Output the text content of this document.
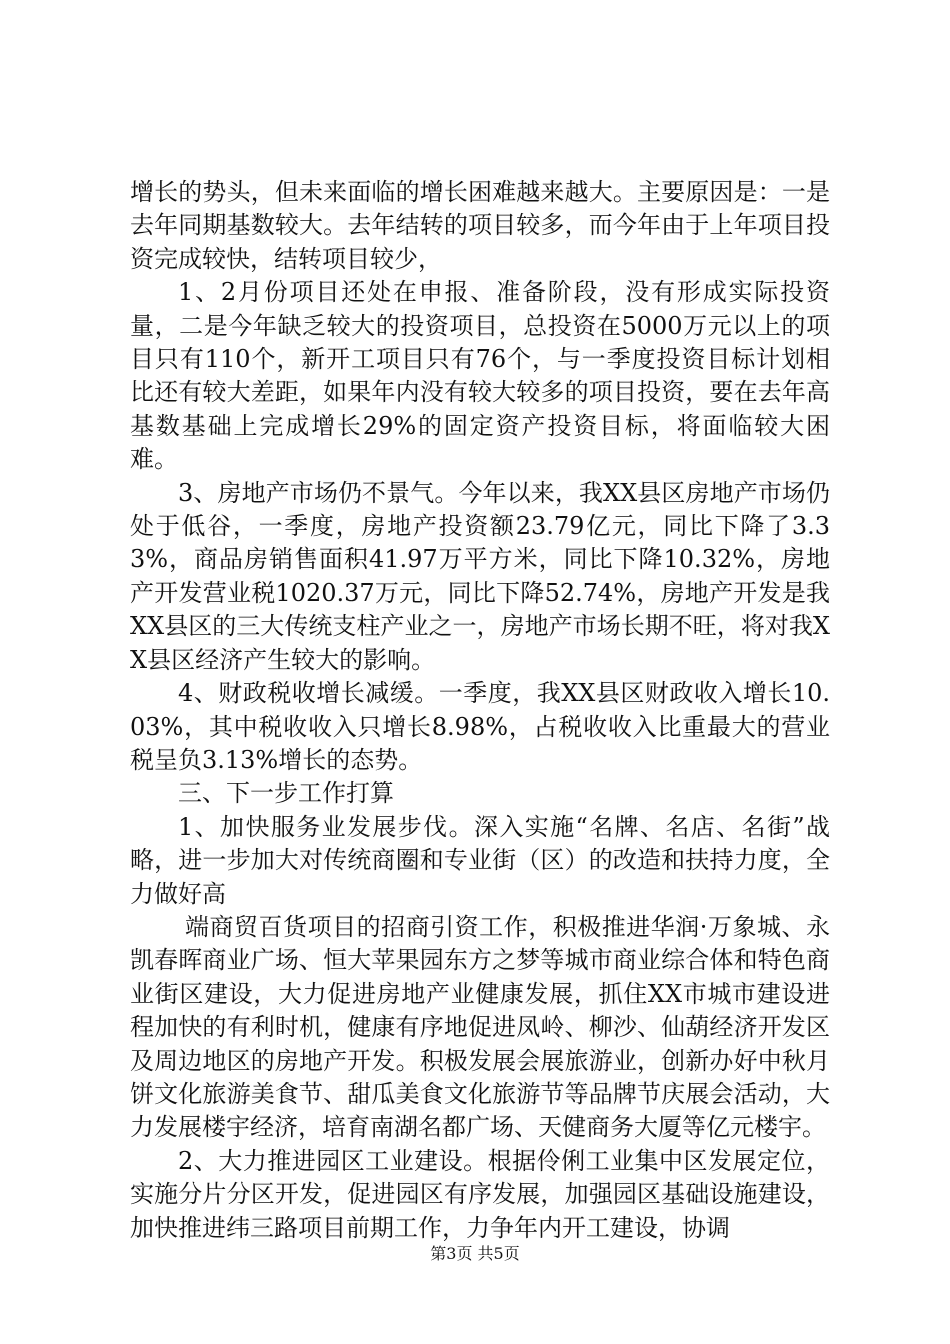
增长的势头，但未来面临的增长困难越来越大。主要原因是：一是去年同期基数较大。去年结转的项目较多，而今年由于上年项目投资完成较快，结转项目较少，

1、2月份项目还处在申报、准备阶段，没有形成实际投资量，二是今年缺乏较大的投资项目，总投资在5000万元以上的项目只有110个，新开工项目只有76个，与一季度投资目标计划相比还有较大差距，如果年内没有较大较多的项目投资，要在去年高基数基础上完成增长29%的固定资产投资目标，将面临较大困难。

3、房地产市场仍不景气。今年以来，我XX县区房地产市场仍处于低谷，一季度，房地产投资额23.79亿元，同比下降了3.33%，商品房销售面积41.97万平方米，同比下降10.32%，房地产开发营业税1020.37万元，同比下降52.74%，房地产开发是我XX县区的三大传统支柱产业之一，房地产市场长期不旺，将对我XX县区经济产生较大的影响。

4、财政税收增长减缓。一季度，我XX县区财政收入增长10.03%，其中税收收入只增长8.98%，占税收收入比重最大的营业税呈负3.13%增长的态势。

三、下一步工作打算

1、加快服务业发展步伐。深入实施“名牌、名店、名街”战略，进一步加大对传统商圈和专业街（区）的改造和扶持力度，全力做好高

端商贸百货项目的招商引资工作，积极推进华润·万象城、永凯春晖商业广场、恒大苹果园东方之梦等城市商业综合体和特色商业街区建设，大力促进房地产业健康发展，抓住XX市城市建设进程加快的有利时机，健康有序地促进凤岭、柳沙、仙葫经济开发区及周边地区的房地产开发。积极发展会展旅游业，创新办好中秋月饼文化旅游美食节、甜瓜美食文化旅游节等品牌节庆展会活动，大力发展楼宇经济，培育南湖名都广场、天健商务大厦等亿元楼宇。

2、大力推进园区工业建设。根据伶俐工业集中区发展定位，实施分片分区开发，促进园区有序发展，加强园区基础设施建设，加快推进纬三路项目前期工作，力争年内开工建设，协调

第3页 共5页
